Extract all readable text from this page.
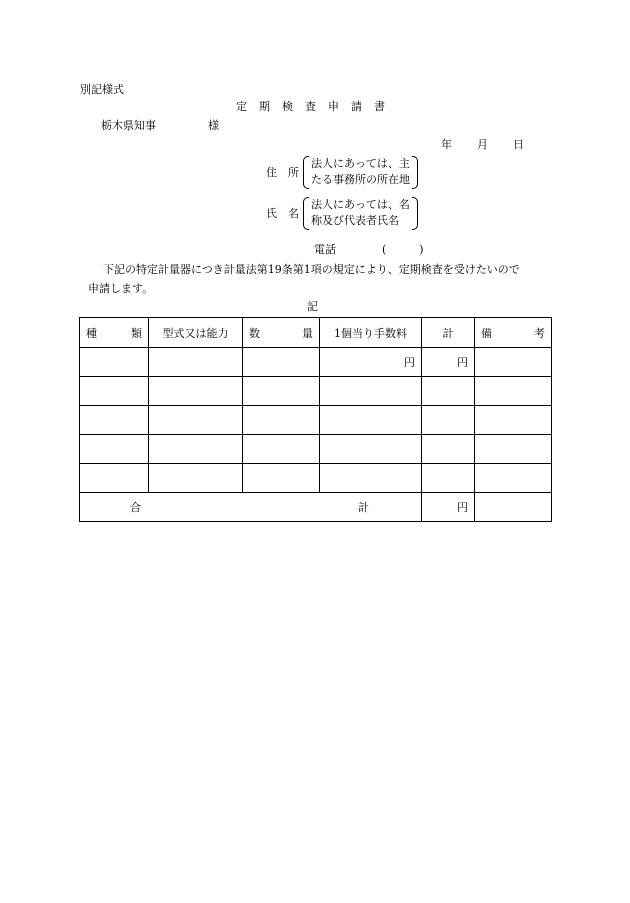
別記様式
定 期 検 査 申 請 書
栃木県知事	様
年 月 日
住　所
法人にあっては、主
たる事務所の所在地
氏　名
法人にあっては、名
称及び代表者氏名
電話	(　　　)
下記の特定計量器につき計量法第19条第1項の規定により、定期検査を受けたいので
申請します。
記
種 類	型式又は能力	数 量	1個当り手数料	計	備 考

			円	円	

合 計				円	
